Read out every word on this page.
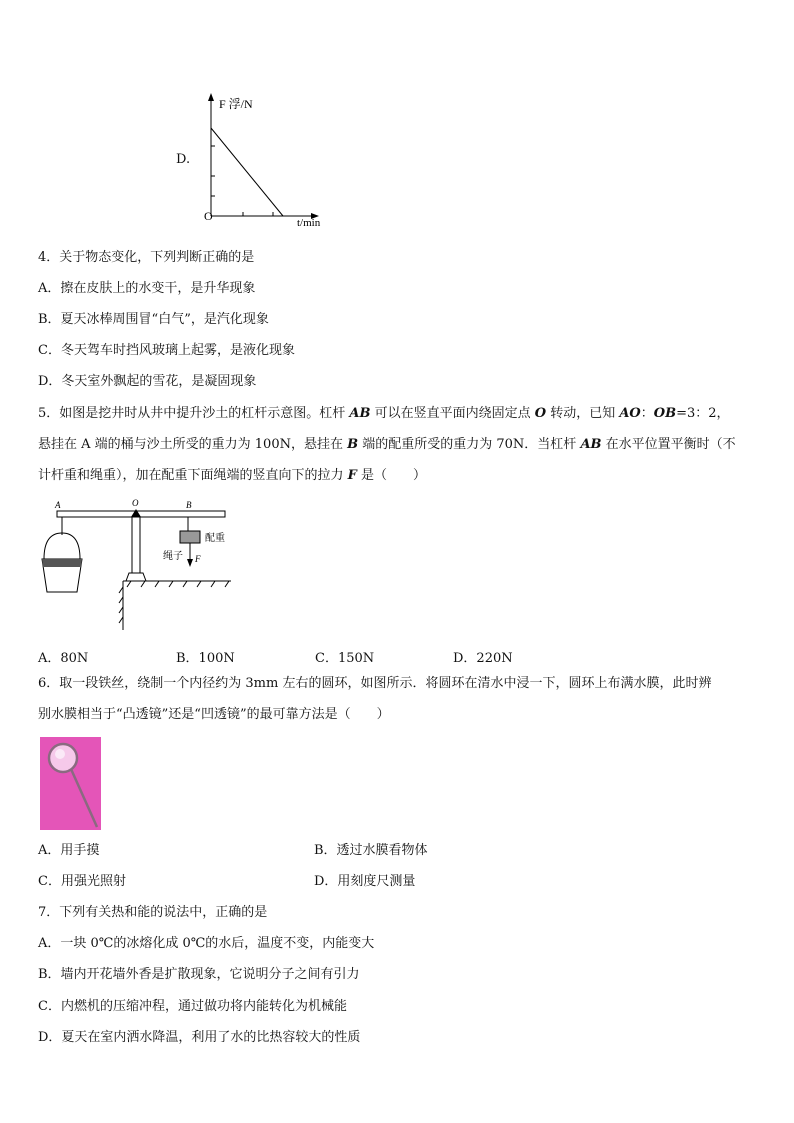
D.
F 浮/N
O	t/min
4．关于物态变化，下列判断正确的是
A．擦在皮肤上的水变干，是升华现象
B．夏天冰棒周围冒“白气”，是汽化现象
C．冬天驾车时挡风玻璃上起雾，是液化现象
D．冬天室外飘起的雪花，是凝固现象
5．如图是挖井时从井中提升沙土的杠杆示意图。杠杆 AB 可以在竖直平面内绕固定点 O 转动，已知 AO：OB=3：2，
悬挂在 A 端的桶与沙土所受的重力为 100N，悬挂在 B 端的配重所受的重力为 70N．当杠杆 AB 在水平位置平衡时（不
计杆重和绳重），加在配重下面绳端的竖直向下的拉力 F 是（　　）
A	O	B
配重
绳子 F
A．80N	B．100N	C．150N	D．220N
6．取一段铁丝，绕制一个内径约为 3mm 左右的圆环，如图所示．将圆环在清水中浸一下，圆环上布满水膜，此时辨
别水膜相当于“凸透镜”还是“凹透镜”的最可靠方法是（　　）
A．用手摸	B．透过水膜看物体
C．用强光照射	D．用刻度尺测量
7．下列有关热和能的说法中，正确的是
A．一块 0℃的冰熔化成 0℃的水后，温度不变，内能变大
B．墙内开花墙外香是扩散现象，它说明分子之间有引力
C．内燃机的压缩冲程，通过做功将内能转化为机械能
D．夏天在室内洒水降温，利用了水的比热容较大的性质
